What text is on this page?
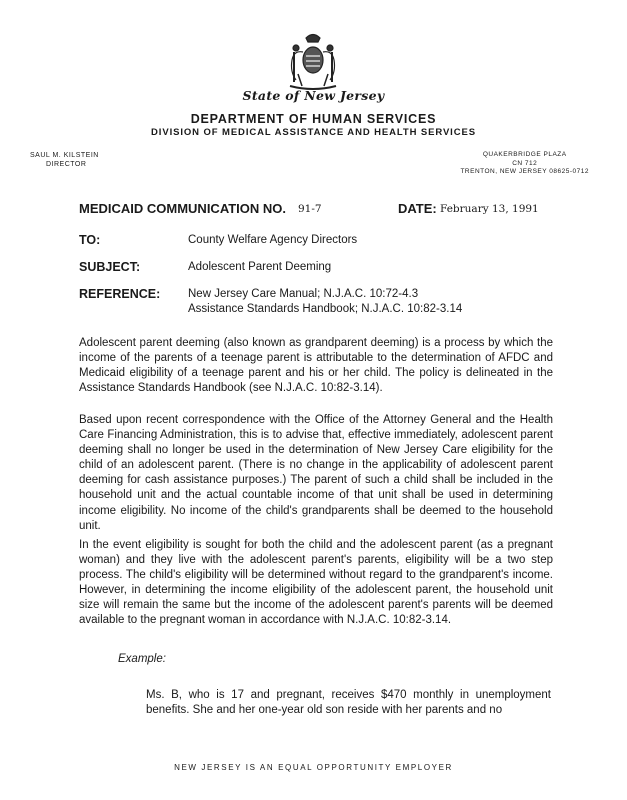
State of New Jersey
DEPARTMENT OF HUMAN SERVICES
DIVISION OF MEDICAL ASSISTANCE AND HEALTH SERVICES
SAUL M. KILSTEIN
DIRECTOR
QUAKERBRIDGE PLAZA
CN 712
TRENTON, NEW JERSEY 08625-0712
MEDICAID COMMUNICATION NO. 91-7	DATE: February 13, 1991
TO:	County Welfare Agency Directors
SUBJECT:	Adolescent Parent Deeming
REFERENCE: New Jersey Care Manual; N.J.A.C. 10:72-4.3
Assistance Standards Handbook; N.J.A.C. 10:82-3.14
Adolescent parent deeming (also known as grandparent deeming) is a process by which the income of the parents of a teenage parent is attributable to the determination of AFDC and Medicaid eligibility of a teenage parent and his or her child. The policy is delineated in the Assistance Standards Handbook (see N.J.A.C. 10:82-3.14).
Based upon recent correspondence with the Office of the Attorney General and the Health Care Financing Administration, this is to advise that, effective immediately, adolescent parent deeming shall no longer be used in the determination of New Jersey Care eligibility for the child of an adolescent parent. (There is no change in the applicability of adolescent parent deeming for cash assistance purposes.) The parent of such a child shall be included in the household unit and the actual countable income of that unit shall be used in determining income eligibility. No income of the child's grandparents shall be deemed to the household unit.
In the event eligibility is sought for both the child and the adolescent parent (as a pregnant woman) and they live with the adolescent parent's parents, eligibility will be a two step process. The child's eligibility will be determined without regard to the grandparent's income. However, in determining the income eligibility of the adolescent parent, the household unit size will remain the same but the income of the adolescent parent's parents will be deemed available to the pregnant woman in accordance with N.J.A.C. 10:82-3.14.
Example:
Ms. B, who is 17 and pregnant, receives $470 monthly in unemployment benefits. She and her one-year old son reside with her parents and no
NEW JERSEY IS AN EQUAL OPPORTUNITY EMPLOYER
